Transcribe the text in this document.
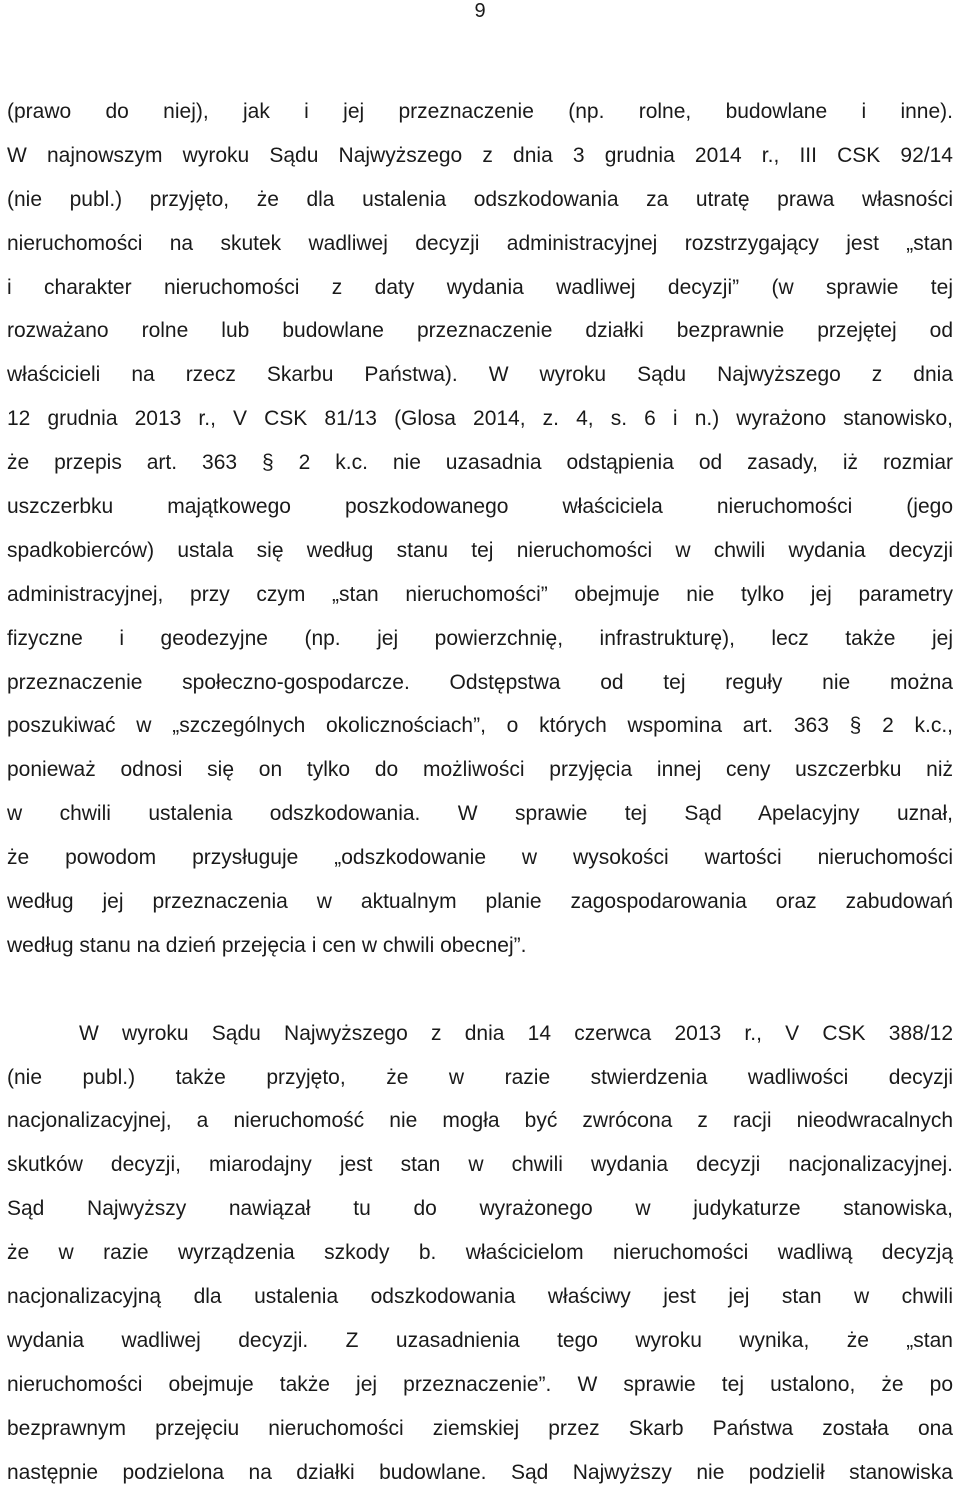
9
(prawo do niej), jak i jej przeznaczenie (np. rolne, budowlane i inne).
W najnowszym wyroku Sądu Najwyższego z dnia 3 grudnia 2014 r., III CSK 92/14
(nie publ.) przyjęto, że dla ustalenia odszkodowania za utratę prawa własności
nieruchomości na skutek wadliwej decyzji administracyjnej rozstrzygający jest „stan
i charakter nieruchomości z daty wydania wadliwej decyzji” (w sprawie tej
rozważano rolne lub budowlane przeznaczenie działki bezprawnie przejętej od
właścicieli na rzecz Skarbu Państwa). W wyroku Sądu Najwyższego z dnia
12 grudnia 2013 r., V CSK 81/13 (Glosa 2014, z. 4, s. 6 i n.) wyrażono stanowisko,
że przepis art. 363 § 2 k.c. nie uzasadnia odstąpienia od zasady, iż rozmiar
uszczerbku majątkowego poszkodowanego właściciela nieruchomości (jego
spadkobierców) ustala się według stanu tej nieruchomości w chwili wydania decyzji
administracyjnej, przy czym „stan nieruchomości” obejmuje nie tylko jej parametry
fizyczne i geodezyjne (np. jej powierzchnię, infrastrukturę), lecz także jej
przeznaczenie społeczno-gospodarcze. Odstępstwa od tej reguły nie można
poszukiwać w „szczególnych okolicznościach”, o których wspomina art. 363 § 2 k.c.,
ponieważ odnosi się on tylko do możliwości przyjęcia innej ceny uszczerbku niż
w chwili ustalenia odszkodowania. W sprawie tej Sąd Apelacyjny uznał,
że powodom przysługuje „odszkodowanie w wysokości wartości nieruchomości
według jej przeznaczenia w aktualnym planie zagospodarowania oraz zabudowań
według stanu na dzień przejęcia i cen w chwili obecnej”.
W wyroku Sądu Najwyższego z dnia 14 czerwca 2013 r., V CSK 388/12
(nie publ.) także przyjęto, że w razie stwierdzenia wadliwości decyzji
nacjonalizacyjnej, a nieruchomość nie mogła być zwrócona z racji nieodwracalnych
skutków decyzji, miarodajny jest stan w chwili wydania decyzji nacjonalizacyjnej.
Sąd Najwyższy nawiązał tu do wyrażonego w judykaturze stanowiska,
że w razie wyrządzenia szkody b. właścicielom nieruchomości wadliwą decyzją
nacjonalizacyjną dla ustalenia odszkodowania właściwy jest jej stan w chwili
wydania wadliwej decyzji. Z uzasadnienia tego wyroku wynika, że „stan
nieruchomości obejmuje także jej przeznaczenie”. W sprawie tej ustalono, że po
bezprawnym przejęciu nieruchomości ziemskiej przez Skarb Państwa została ona
następnie podzielona na działki budowlane. Sąd Najwyższy nie podzielił stanowiska
